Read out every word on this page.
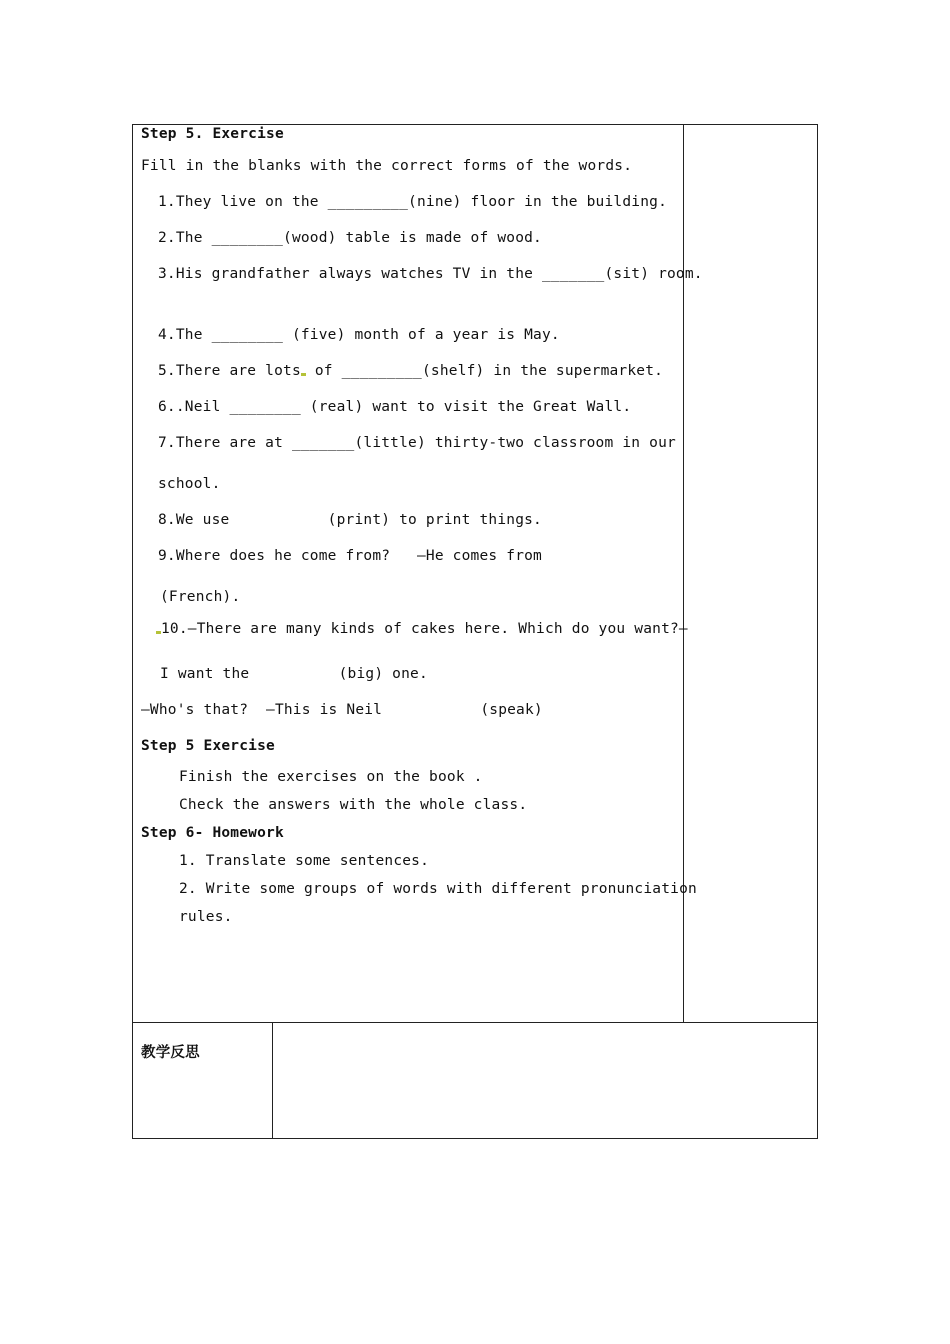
Step 5. Exercise
Fill in the blanks with the correct forms of the words.
1.They live on the _________(nine) floor in the building.
2.The ________(wood) table is made of wood.
3.His grandfather always watches TV in the _______(sit) room.
4.The ________ (five) month of a year is May.
5.There are lots of _________(shelf) in the supermarket.
6..Neil ________ (real) want to visit the Great Wall.
7.There are at _______(little) thirty-two classroom in our
school.
8.We use           (print) to print things.
9.Where does he come from?   —He comes from
(French).
10.—There are many kinds of cakes here. Which do you want?—
I want the          (big) one.
—Who's that?  —This is Neil           (speak)
Step 5 Exercise
Finish the exercises on the book .
Check the answers with the whole class.
Step 6- Homework
1. Translate some sentences.
2. Write some groups of words with different pronunciation
rules.
教学反思
